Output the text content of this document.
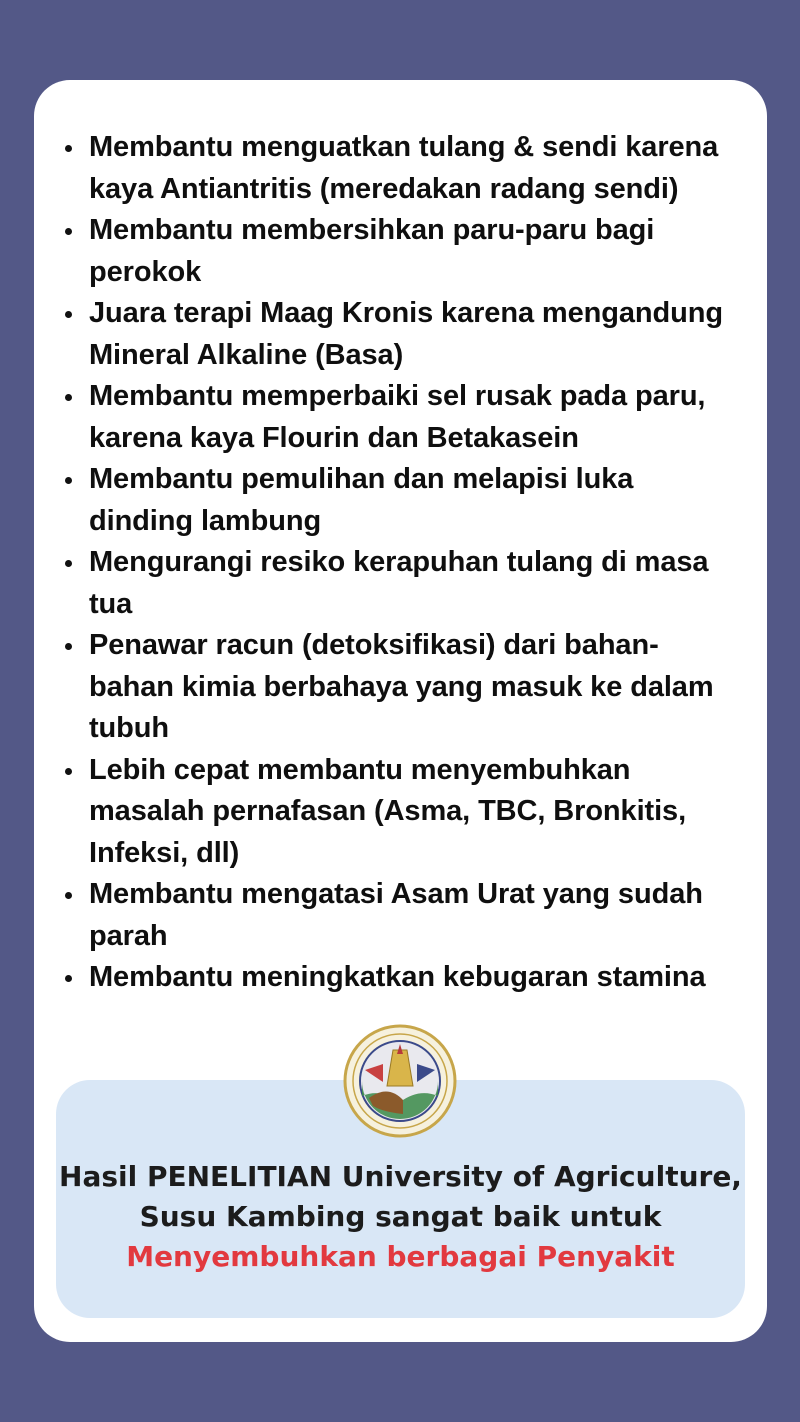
Membantu menguatkan tulang & sendi karena
kaya Antiantritis (meredakan radang sendi)
Membantu membersihkan paru-paru bagi
perokok
Juara terapi Maag Kronis karena mengandung
Mineral Alkaline (Basa)
Membantu memperbaiki sel rusak pada paru,
karena kaya Flourin dan Betakasein
Membantu pemulihan dan melapisi luka
dinding lambung
Mengurangi resiko kerapuhan tulang di masa
tua
Penawar racun (detoksifikasi) dari bahan-
bahan kimia berbahaya yang masuk ke dalam
tubuh
Lebih cepat membantu menyembuhkan
masalah pernafasan (Asma, TBC, Bronkitis,
Infeksi, dll)
Membantu mengatasi Asam Urat yang sudah
parah
Membantu meningkatkan kebugaran stamina
Hasil PENELITIAN University of Agriculture,
Susu Kambing sangat baik untuk
Menyembuhkan berbagai Penyakit
